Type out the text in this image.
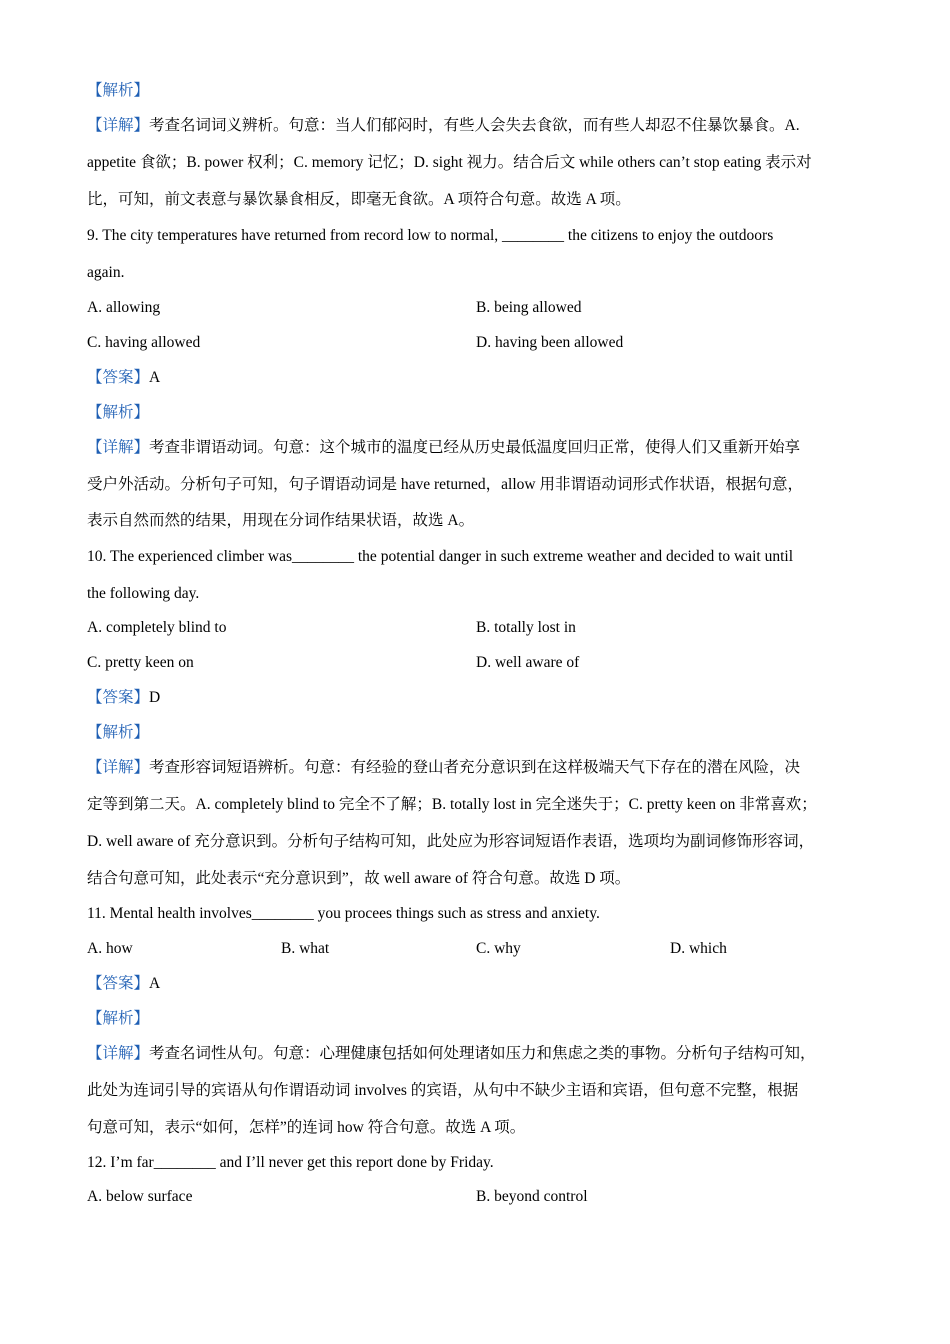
【解析】
【详解】考查名词词义辨析。句意：当人们郁闷时，有些人会失去食欲，而有些人却忍不住暴饮暴食。A.
appetite 食欲；B. power 权利；C. memory 记忆；D. sight 视力。结合后文 while others can’t stop eating 表示对
比，可知，前文表意与暴饮暴食相反，即毫无食欲。A 项符合句意。故选 A 项。
9. The city temperatures have returned from record low to normal, ________ the citizens to enjoy the outdoors
again.
A. allowing	B. being allowed
C. having allowed	D. having been allowed
【答案】A
【解析】
【详解】考查非谓语动词。句意：这个城市的温度已经从历史最低温度回归正常，使得人们又重新开始享
受户外活动。分析句子可知，句子谓语动词是 have returned，allow 用非谓语动词形式作状语，根据句意，
表示自然而然的结果，用现在分词作结果状语，故选 A。
10. The experienced climber was________ the potential danger in such extreme weather and decided to wait until
the following day.
A. completely blind to	B. totally lost in
C. pretty keen on	D. well aware of
【答案】D
【解析】
【详解】考查形容词短语辨析。句意：有经验的登山者充分意识到在这样极端天气下存在的潜在风险，决
定等到第二天。A. completely blind to 完全不了解；B. totally lost in 完全迷失于；C. pretty keen on 非常喜欢；
D. well aware of 充分意识到。分析句子结构可知，此处应为形容词短语作表语，选项均为副词修饰形容词，
结合句意可知，此处表示“充分意识到”，故 well aware of 符合句意。故选 D 项。
11. Mental health involves________ you procees things such as stress and anxiety.
A. how	B. what	C. why	D. which
【答案】A
【解析】
【详解】考查名词性从句。句意：心理健康包括如何处理诸如压力和焦虑之类的事物。分析句子结构可知，
此处为连词引导的宾语从句作谓语动词 involves 的宾语，从句中不缺少主语和宾语，但句意不完整，根据
句意可知，表示“如何，怎样”的连词 how 符合句意。故选 A 项。
12. I’m far________ and I’ll never get this report done by Friday.
A. below surface	B. beyond control
